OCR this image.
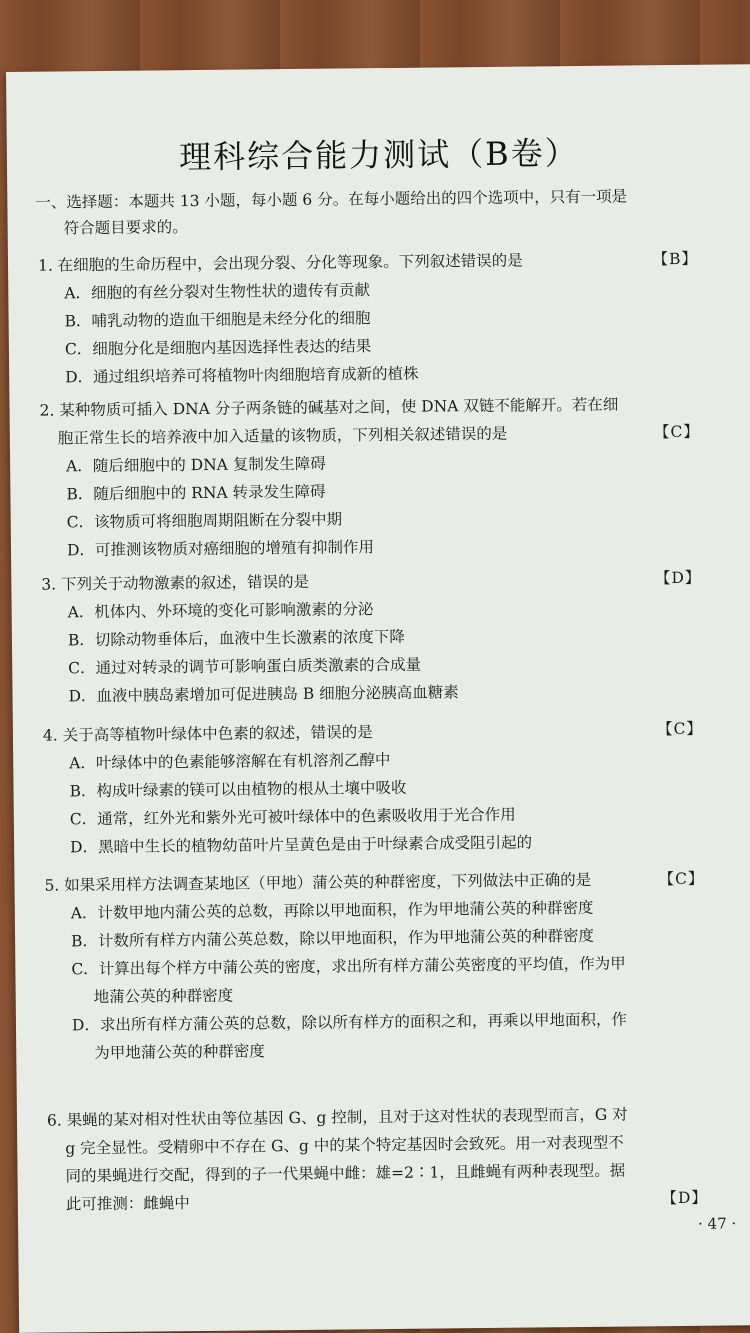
理科综合能力测试（B卷）
一、选择题：本题共 13 小题，每小题 6 分。在每小题给出的四个选项中，只有一项是
符合题目要求的。
1. 在细胞的生命历程中，会出现分裂、分化等现象。下列叙述错误的是	【B】
A．细胞的有丝分裂对生物性状的遗传有贡献
B．哺乳动物的造血干细胞是未经分化的细胞
C．细胞分化是细胞内基因选择性表达的结果
D．通过组织培养可将植物叶肉细胞培育成新的植株
2. 某种物质可插入 DNA 分子两条链的碱基对之间，使 DNA 双链不能解开。若在细
胞正常生长的培养液中加入适量的该物质，下列相关叙述错误的是	【C】
A．随后细胞中的 DNA 复制发生障碍
B．随后细胞中的 RNA 转录发生障碍
C．该物质可将细胞周期阻断在分裂中期
D．可推测该物质对癌细胞的增殖有抑制作用
3. 下列关于动物激素的叙述，错误的是	【D】
A．机体内、外环境的变化可影响激素的分泌
B．切除动物垂体后，血液中生长激素的浓度下降
C．通过对转录的调节可影响蛋白质类激素的合成量
D．血液中胰岛素增加可促进胰岛 B 细胞分泌胰高血糖素
4. 关于高等植物叶绿体中色素的叙述，错误的是	【C】
A．叶绿体中的色素能够溶解在有机溶剂乙醇中
B．构成叶绿素的镁可以由植物的根从土壤中吸收
C．通常，红外光和紫外光可被叶绿体中的色素吸收用于光合作用
D．黑暗中生长的植物幼苗叶片呈黄色是由于叶绿素合成受阻引起的
5. 如果采用样方法调查某地区（甲地）蒲公英的种群密度，下列做法中正确的是	【C】
A．计数甲地内蒲公英的总数，再除以甲地面积，作为甲地蒲公英的种群密度
B．计数所有样方内蒲公英总数，除以甲地面积，作为甲地蒲公英的种群密度
C．计算出每个样方中蒲公英的密度，求出所有样方蒲公英密度的平均值，作为甲
地蒲公英的种群密度
D．求出所有样方蒲公英的总数，除以所有样方的面积之和，再乘以甲地面积，作
为甲地蒲公英的种群密度
6. 果蝇的某对相对性状由等位基因 G、g 控制，且对于这对性状的表现型而言，G 对
g 完全显性。受精卵中不存在 G、g 中的某个特定基因时会致死。用一对表现型不
同的果蝇进行交配，得到的子一代果蝇中雌：雄=2∶1，且雌蝇有两种表现型。据
此可推测：雌蝇中	【D】
· 47 ·
